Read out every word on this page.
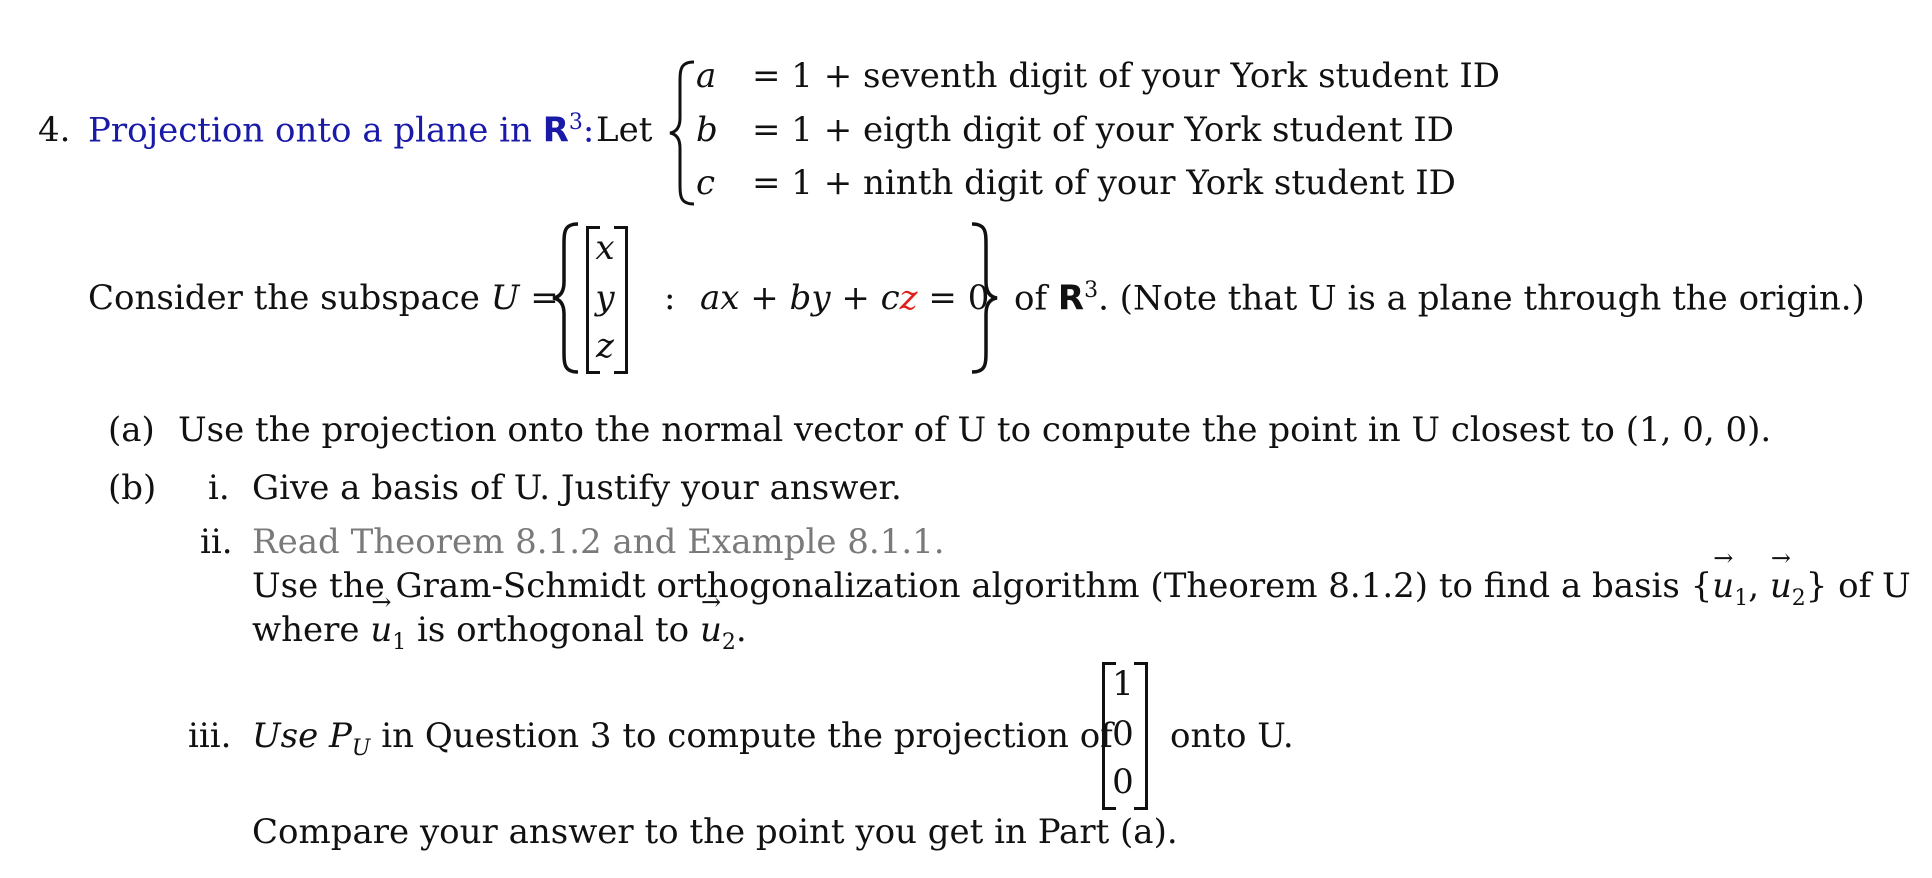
4. Projection onto a plane in $R^3$: Let
a = 1 + seventh digit of your York student ID
b = 1 + eigth digit of your York student ID
c = 1 + ninth digit of your York student ID
Consider the subspace U =
x
y
z
: ax + by + cz = 0 of $R^3$. (Note that U is a plane through the origin.)
(a) Use the projection onto the normal vector of U to compute the point in U closest to (1, 0, 0).
(b) i. Give a basis of U. Justify your answer.
ii. Read Theorem 8.1.2 and Example 8.1.1.
Use the Gram-Schmidt orthogonalization algorithm (Theorem 8.1.2) to find a basis {→ $u_1$, → $u_2$} of U
where → $u_1$ is orthogonal to → $u_2$.
iii. Use $P_U$ in Question 3 to compute the projection of
1
0
0
onto U.
Compare your answer to the point you get in Part (a).
